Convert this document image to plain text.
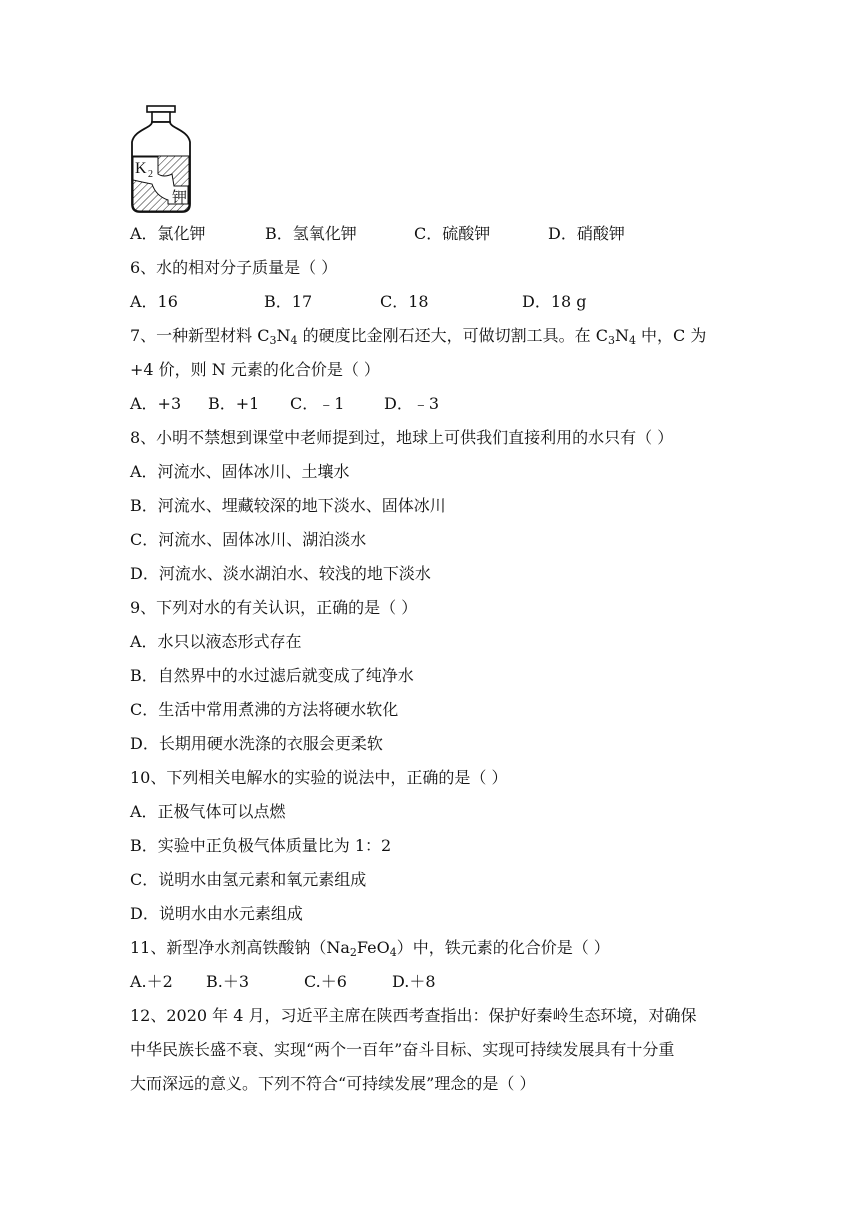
K 2
钾
A．氯化钾	B．氢氧化钾	C．硫酸钾	D．硝酸钾
6、水的相对分子质量是（ ）
A．16	B．17	C．18	D．18 g
7、一种新型材料 $C_3N_4$ 的硬度比金刚石还大，可做切割工具。在 $C_3N_4$ 中，C 为
+4 价，则 N 元素的化合价是（ ）
A．+3 B．+1 C．﹣1 D．﹣3
8、小明不禁想到课堂中老师提到过，地球上可供我们直接利用的水只有（ ）
A．河流水、固体冰川、土壤水
B．河流水、埋藏较深的地下淡水、固体冰川
C．河流水、固体冰川、湖泊淡水
D．河流水、淡水湖泊水、较浅的地下淡水
9、下列对水的有关认识，正确的是（ ）
A．水只以液态形式存在
B．自然界中的水过滤后就变成了纯净水
C．生活中常用煮沸的方法将硬水软化
D．长期用硬水洗涤的衣服会更柔软
10、下列相关电解水的实验的说法中，正确的是（ ）
A．正极气体可以点燃
B．实验中正负极气体质量比为 1：2
C．说明水由氢元素和氧元素组成
D．说明水由水元素组成
11、新型净水剂高铁酸钠$(Na_2FeO_4)$中，铁元素的化合价是（ ）
A.＋2 B.＋3	C.＋6	D.＋8
12、2020 年 4 月，习近平主席在陕西考查指出：保护好秦岭生态环境，对确保
中华民族长盛不衰、实现“两个一百年”奋斗目标、实现可持续发展具有十分重
大而深远的意义。下列不符合“可持续发展”理念的是（ ）
